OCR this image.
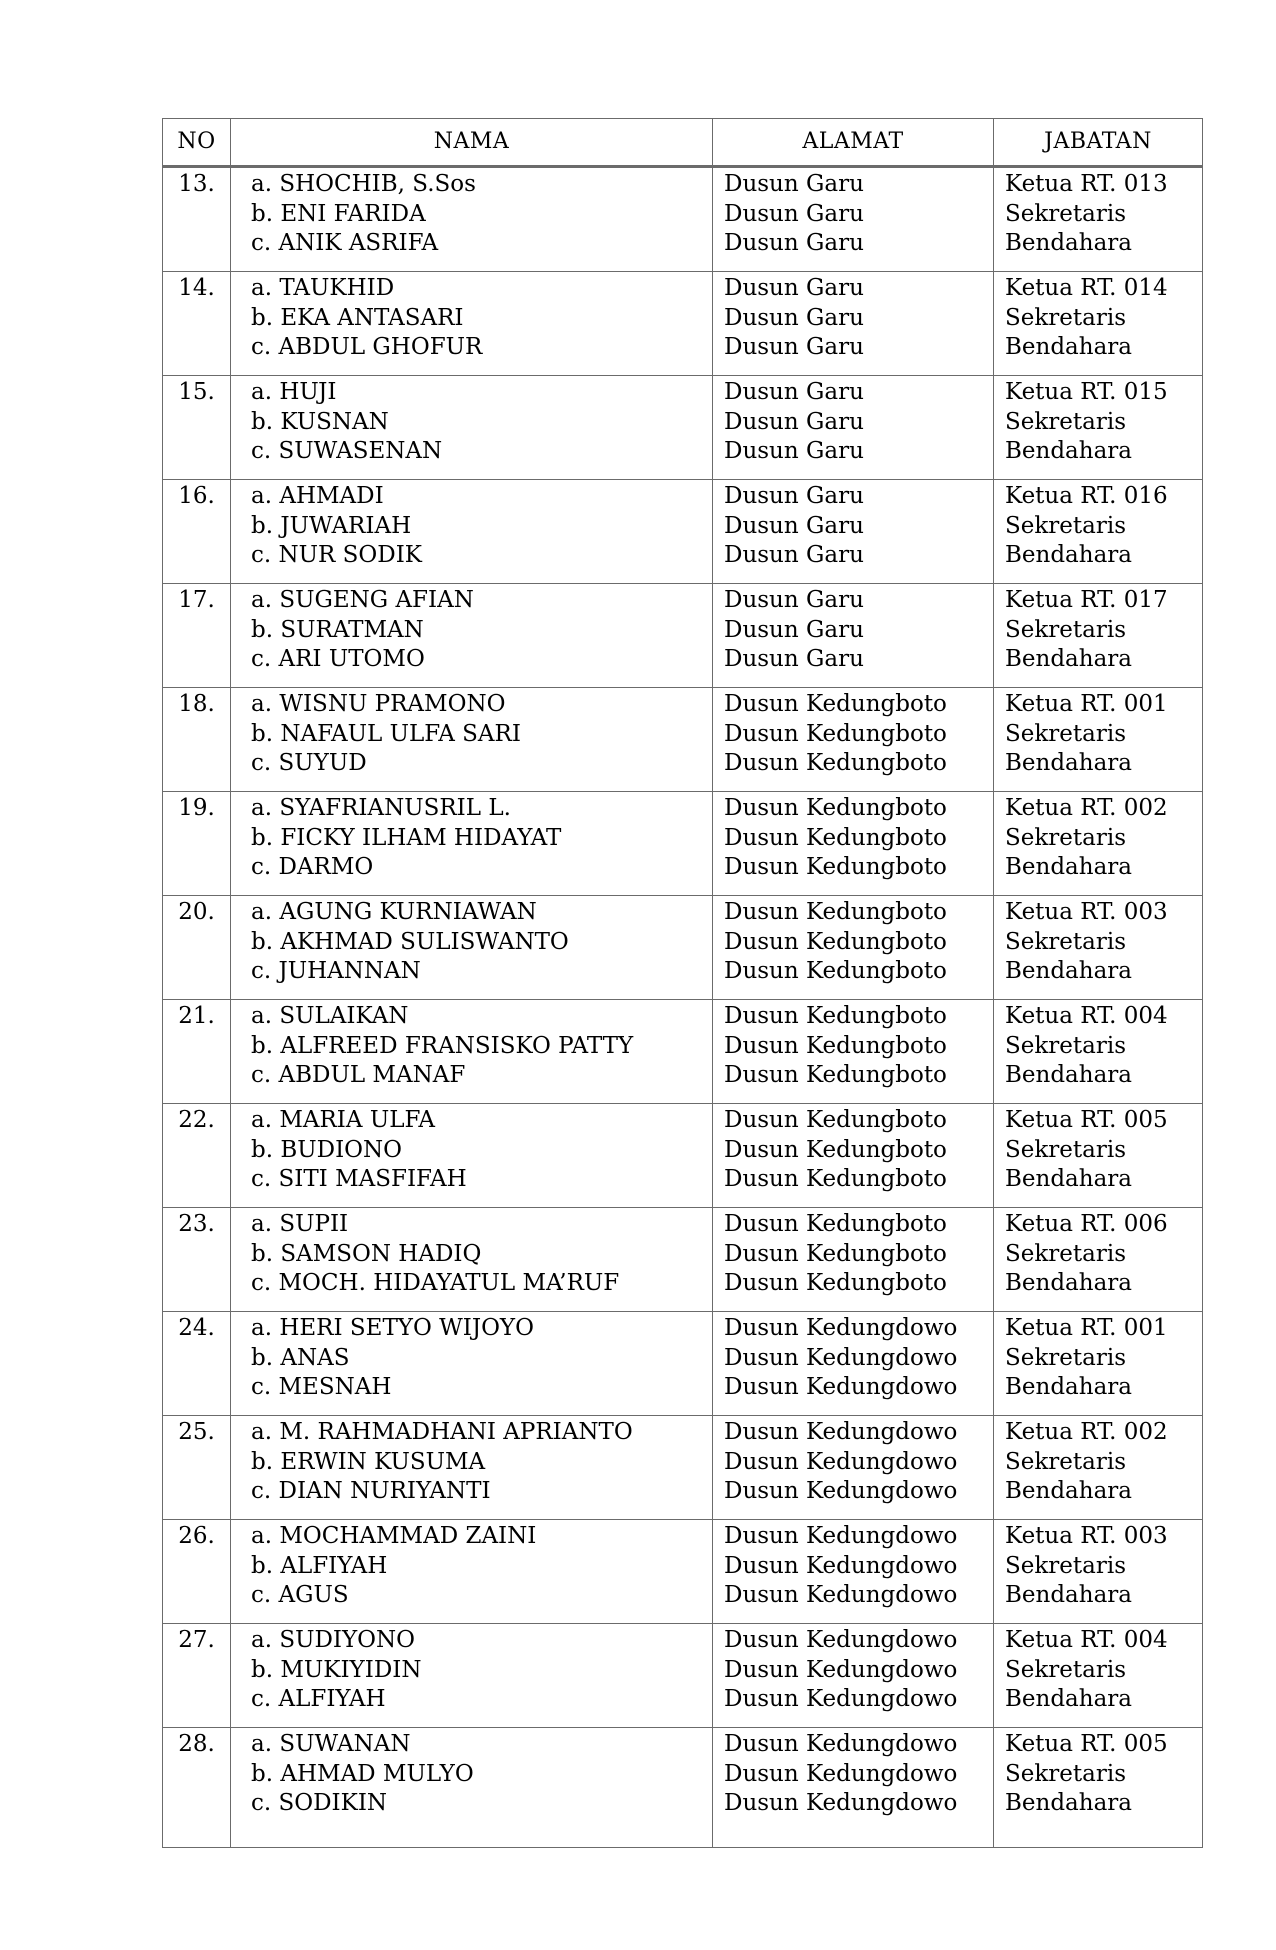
NO	NAMA	ALAMAT	JABATAN
13.	a. SHOCHIB, S.Sos
b. ENI FARIDA
c. ANIK ASRIFA	Dusun Garu
Dusun Garu
Dusun Garu	Ketua RT. 013
Sekretaris
Bendahara

14.	a. TAUKHID
b. EKA ANTASARI
c. ABDUL GHOFUR	Dusun Garu
Dusun Garu
Dusun Garu	Ketua RT. 014
Sekretaris
Bendahara

15.	a. HUJI
b. KUSNAN
c. SUWASENAN	Dusun Garu
Dusun Garu
Dusun Garu	Ketua RT. 015
Sekretaris
Bendahara

16.	a. AHMADI
b. JUWARIAH
c. NUR SODIK	Dusun Garu
Dusun Garu
Dusun Garu	Ketua RT. 016
Sekretaris
Bendahara

17.	a. SUGENG AFIAN
b. SURATMAN
c. ARI UTOMO	Dusun Garu
Dusun Garu
Dusun Garu	Ketua RT. 017
Sekretaris
Bendahara

18.	a. WISNU PRAMONO
b. NAFAUL ULFA SARI
c. SUYUD	Dusun Kedungboto
Dusun Kedungboto
Dusun Kedungboto	Ketua RT. 001
Sekretaris
Bendahara

19.	a. SYAFRIANUSRIL L.
b. FICKY ILHAM HIDAYAT
c. DARMO	Dusun Kedungboto
Dusun Kedungboto
Dusun Kedungboto	Ketua RT. 002
Sekretaris
Bendahara

20.	a. AGUNG KURNIAWAN
b. AKHMAD SULISWANTO
c. JUHANNAN	Dusun Kedungboto
Dusun Kedungboto
Dusun Kedungboto	Ketua RT. 003
Sekretaris
Bendahara

21.	a. SULAIKAN
b. ALFREED FRANSISKO PATTY
c. ABDUL MANAF	Dusun Kedungboto
Dusun Kedungboto
Dusun Kedungboto	Ketua RT. 004
Sekretaris
Bendahara

22.	a. MARIA ULFA
b. BUDIONO
c. SITI MASFIFAH	Dusun Kedungboto
Dusun Kedungboto
Dusun Kedungboto	Ketua RT. 005
Sekretaris
Bendahara

23.	a. SUPII
b. SAMSON HADIQ
c. MOCH. HIDAYATUL MA’RUF	Dusun Kedungboto
Dusun Kedungboto
Dusun Kedungboto	Ketua RT. 006
Sekretaris
Bendahara

24.	a. HERI SETYO WIJOYO
b. ANAS
c. MESNAH	Dusun Kedungdowo
Dusun Kedungdowo
Dusun Kedungdowo	Ketua RT. 001
Sekretaris
Bendahara

25.	a. M. RAHMADHANI APRIANTO
b. ERWIN KUSUMA
c. DIAN NURIYANTI	Dusun Kedungdowo
Dusun Kedungdowo
Dusun Kedungdowo	Ketua RT. 002
Sekretaris
Bendahara

26.	a. MOCHAMMAD ZAINI
b. ALFIYAH
c. AGUS	Dusun Kedungdowo
Dusun Kedungdowo
Dusun Kedungdowo	Ketua RT. 003
Sekretaris
Bendahara

27.	a. SUDIYONO
b. MUKIYIDIN
c. ALFIYAH	Dusun Kedungdowo
Dusun Kedungdowo
Dusun Kedungdowo	Ketua RT. 004
Sekretaris
Bendahara

28.	a. SUWANAN
b. AHMAD MULYO
c. SODIKIN	Dusun Kedungdowo
Dusun Kedungdowo
Dusun Kedungdowo	Ketua RT. 005
Sekretaris
Bendahara
